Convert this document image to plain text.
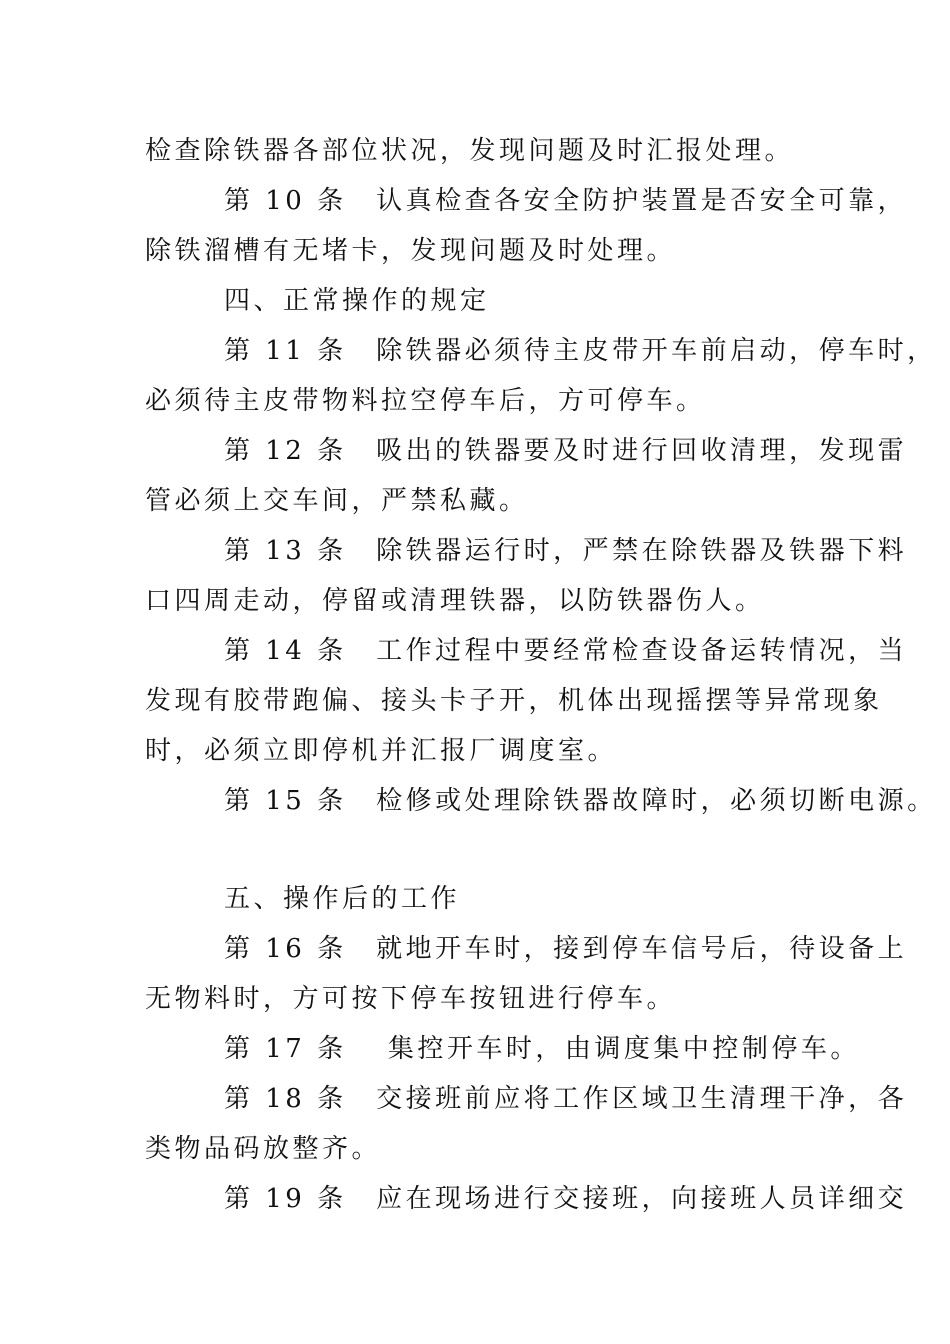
检查除铁器各部位状况，发现问题及时汇报处理。
第 10 条　认真检查各安全防护装置是否安全可靠，
除铁溜槽有无堵卡，发现问题及时处理。
四、正常操作的规定
第 11 条　除铁器必须待主皮带开车前启动，停车时，
必须待主皮带物料拉空停车后，方可停车。
第 12 条　吸出的铁器要及时进行回收清理，发现雷
管必须上交车间，严禁私藏。
第 13 条　除铁器运行时，严禁在除铁器及铁器下料
口四周走动，停留或清理铁器，以防铁器伤人。
第 14 条　工作过程中要经常检查设备运转情况，当
发现有胶带跑偏、接头卡子开，机体出现摇摆等异常现象
时，必须立即停机并汇报厂调度室。
第 15 条　检修或处理除铁器故障时，必须切断电源。
五、操作后的工作
第 16 条　就地开车时，接到停车信号后，待设备上
无物料时，方可按下停车按钮进行停车。
第 17 条　 集控开车时，由调度集中控制停车。
第 18 条　交接班前应将工作区域卫生清理干净，各
类物品码放整齐。
第 19 条　应在现场进行交接班，向接班人员详细交
